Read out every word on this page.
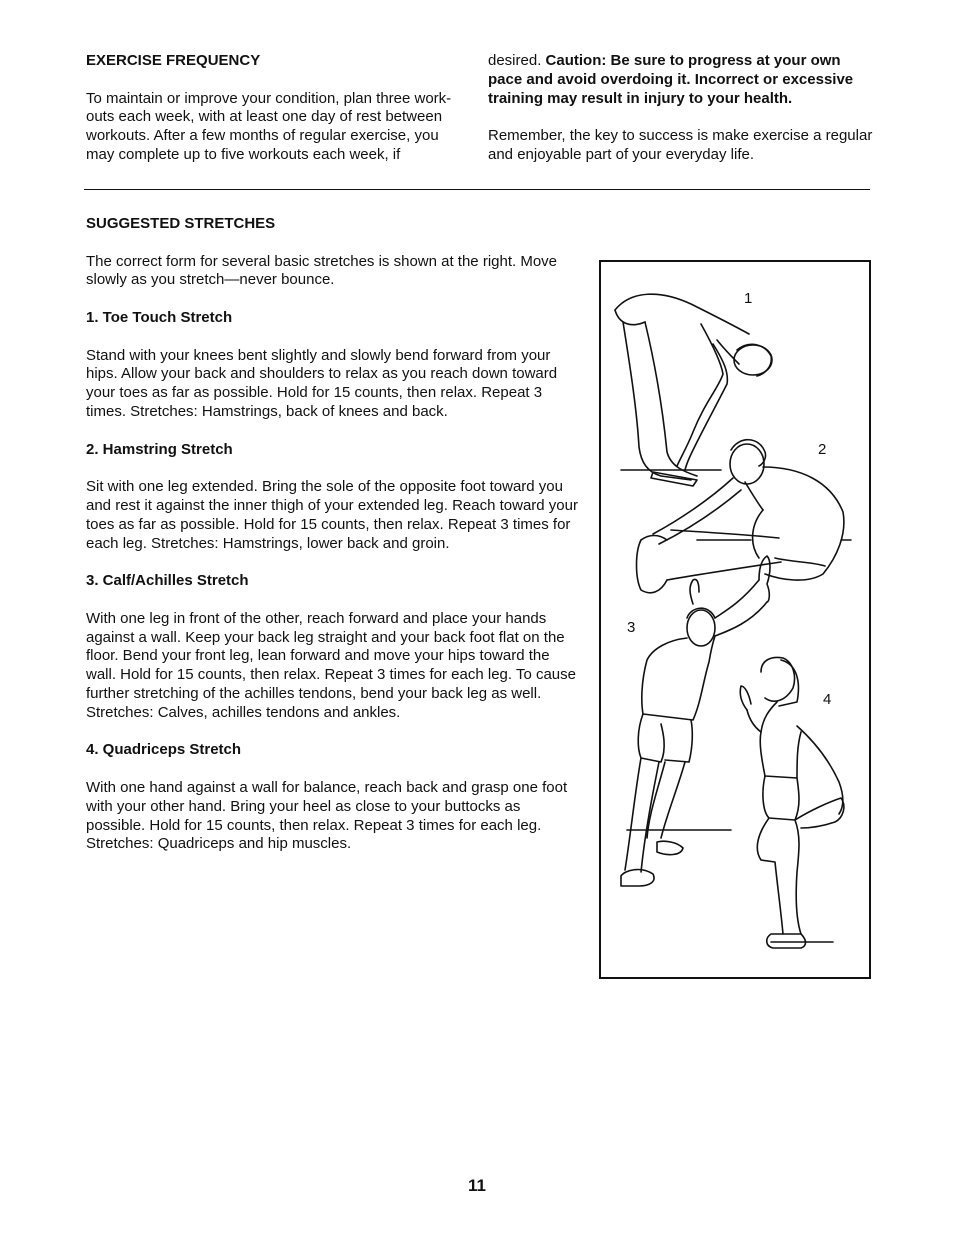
EXERCISE FREQUENCY

To maintain or improve your condition, plan three work-outs each week, with at least one day of rest between workouts. After a few months of regular exercise, you may complete up to five workouts each week, if

desired. Caution: Be sure to progress at your own pace and avoid overdoing it. Incorrect or excessive training may result in injury to your health.

Remember, the key to success is make exercise a regular and enjoyable part of your everyday life.

SUGGESTED STRETCHES

The correct form for several basic stretches is shown at the right. Move slowly as you stretch—never bounce.

1. Toe Touch Stretch

Stand with your knees bent slightly and slowly bend forward from your hips. Allow your back and shoulders to relax as you reach down toward your toes as far as possible. Hold for 15 counts, then relax. Repeat 3 times. Stretches: Hamstrings, back of knees and back.

2. Hamstring Stretch

Sit with one leg extended. Bring the sole of the opposite foot toward you and rest it against the inner thigh of your extended leg. Reach toward your toes as far as possible. Hold for 15 counts, then relax. Repeat 3 times for each leg. Stretches: Hamstrings, lower back and groin.

3. Calf/Achilles Stretch

With one leg in front of the other, reach forward and place your hands against a wall. Keep your back leg straight and your back foot flat on the floor. Bend your front leg, lean forward and move your hips toward the wall. Hold for 15 counts, then relax. Repeat 3 times for each leg. To cause further stretching of the achilles tendons, bend your back leg as well. Stretches: Calves, achilles tendons and ankles.

4. Quadriceps Stretch

With one hand against a wall for balance, reach back and grasp one foot with your other hand. Bring your heel as close to your buttocks as possible. Hold for 15 counts, then relax. Repeat 3 times for each leg. Stretches: Quadriceps and hip muscles.

1
2
3
4
11
